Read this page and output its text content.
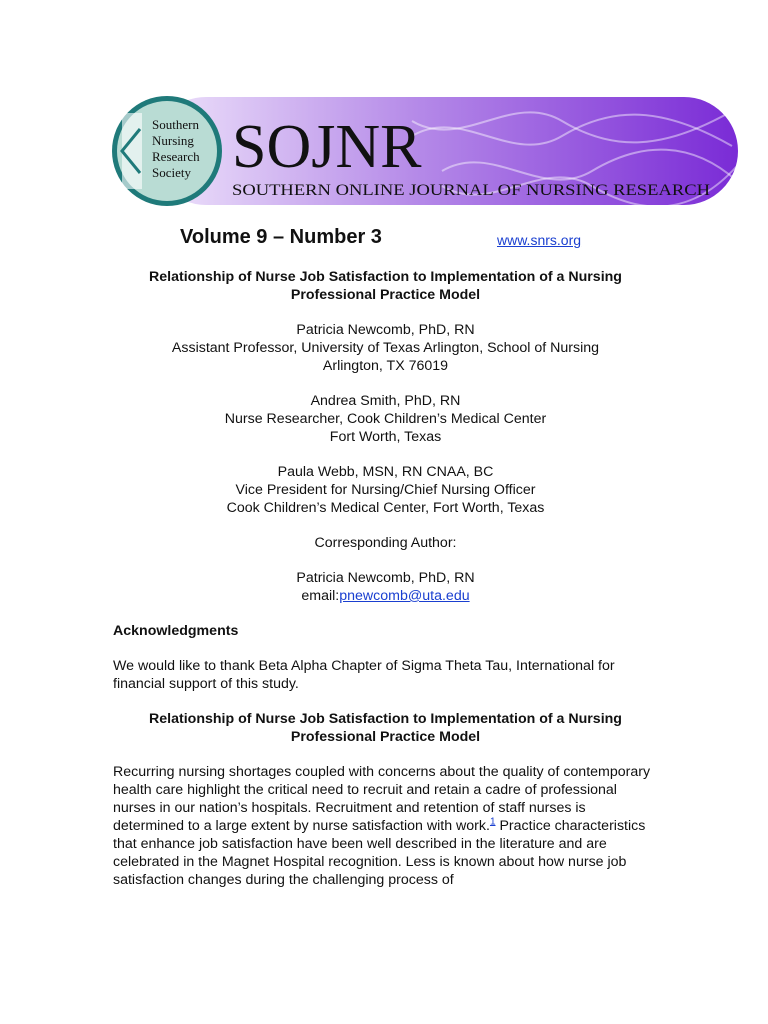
Southern
Nursing
Research
Society SOJNR
SOUTHERN ONLINE JOURNAL OF NURSING RESEARCH
Volume 9 – Number 3	www.snrs.org

Relationship of Nurse Job Satisfaction to Implementation of a Nursing

Professional Practice Model

Patricia Newcomb, PhD, RN

Assistant Professor, University of Texas Arlington, School of Nursing

Arlington, TX 76019

Andrea Smith, PhD, RN

Nurse Researcher, Cook Children’s Medical Center

Fort Worth, Texas

Paula Webb, MSN, RN CNAA, BC

Vice President for Nursing/Chief Nursing Officer

Cook Children’s Medical Center, Fort Worth, Texas

Corresponding Author:

Patricia Newcomb, PhD, RN

email:pnewcomb@uta.edu

Acknowledgments

We would like to thank Beta Alpha Chapter of Sigma Theta Tau, International for financial support of this study.

Relationship of Nurse Job Satisfaction to Implementation of a Nursing

Professional Practice Model

Recurring nursing shortages coupled with concerns about the quality of contemporary health care highlight the critical need to recruit and retain a cadre of professional nurses in our nation’s hospitals. Recruitment and retention of staff nurses is determined to a large extent by nurse satisfaction with work.$^1$ Practice characteristics that enhance job satisfaction have been well described in the literature and are celebrated in the Magnet Hospital recognition. Less is known about how nurse job satisfaction changes during the challenging process of
